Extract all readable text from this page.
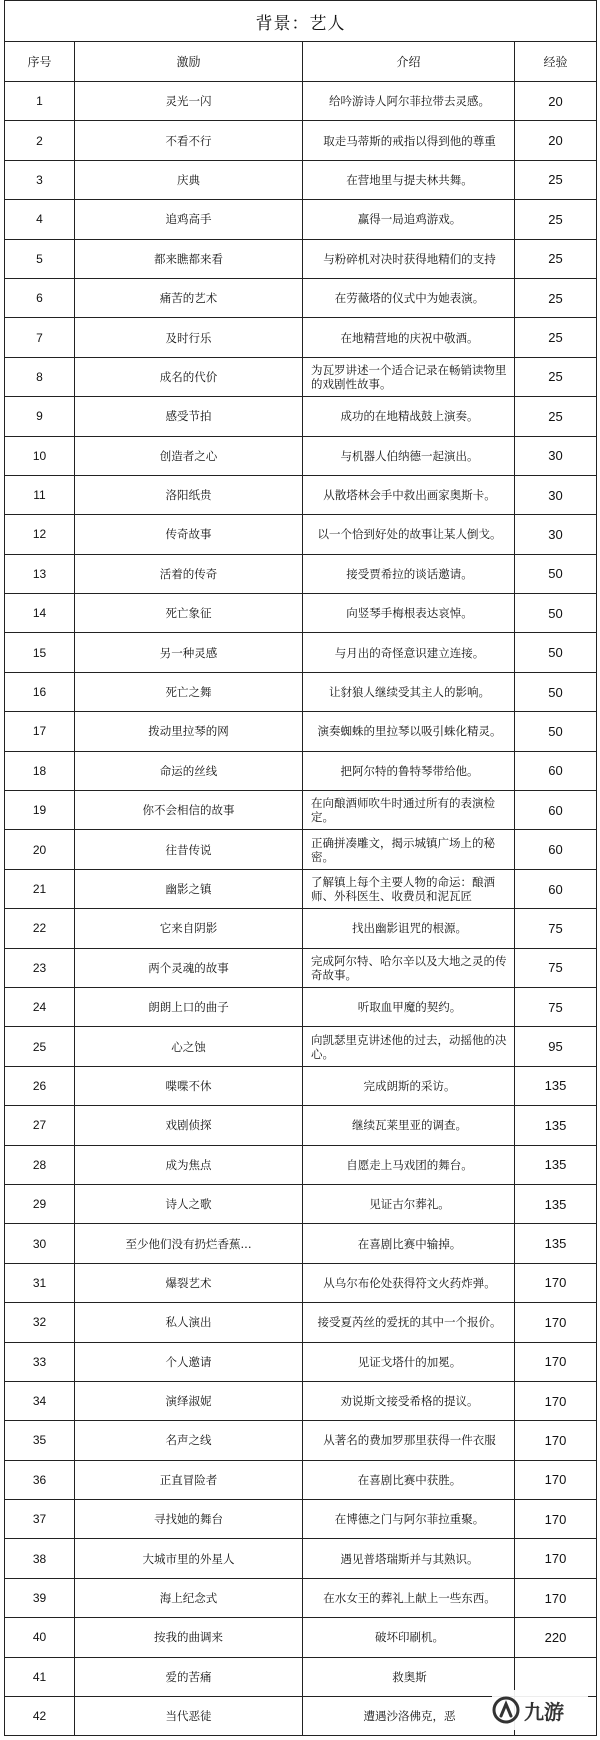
背景：艺人			
序号	激励	介绍	经验
1	灵光一闪	给吟游诗人阿尔菲拉带去灵感。	20
2	不看不行	取走马蒂斯的戒指以得到他的尊重	20
3	庆典	在营地里与提夫林共舞。	25
4	追鸡高手	赢得一局追鸡游戏。	25
5	都来瞧都来看	与粉碎机对决时获得地精们的支持	25
6	痛苦的艺术	在劳薇塔的仪式中为她表演。	25
7	及时行乐	在地精营地的庆祝中敬酒。	25
8	成名的代价	为瓦罗讲述一个适合记录在畅销读物里的戏剧性故事。	25
9	感受节拍	成功的在地精战鼓上演奏。	25
10	创造者之心	与机器人伯纳德一起演出。	30
11	洛阳纸贵	从散塔林会手中救出画家奥斯卡。	30
12	传奇故事	以一个恰到好处的故事让某人倒戈。	30
13	活着的传奇	接受贾希拉的谈话邀请。	50
14	死亡象征	向竖琴手梅根表达哀悼。	50
15	另一种灵感	与月出的奇怪意识建立连接。	50
16	死亡之舞	让豺狼人继续受其主人的影响。	50
17	拨动里拉琴的网	演奏蜘蛛的里拉琴以吸引蛛化精灵。	50
18	命运的丝线	把阿尔特的鲁特琴带给他。	60
19	你不会相信的故事	在向酿酒师吹牛时通过所有的表演检定。	60
20	往昔传说	正确拼凑雕文，揭示城镇广场上的秘密。	60
21	幽影之镇	了解镇上每个主要人物的命运：酿酒师、外科医生、收费员和泥瓦匠	60
22	它来自阴影	找出幽影诅咒的根源。	75
23	两个灵魂的故事	完成阿尔特、哈尔辛以及大地之灵的传奇故事。	75
24	朗朗上口的曲子	听取血甲魔的契约。	75
25	心之蚀	向凯瑟里克讲述他的过去，动摇他的决心。	95
26	喋喋不休	完成朗斯的采访。	135
27	戏剧侦探	继续瓦莱里亚的调查。	135
28	成为焦点	自愿走上马戏团的舞台。	135
29	诗人之歌	见证古尔葬礼。	135
30	至少他们没有扔烂香蕉...	在喜剧比赛中输掉。	135
31	爆裂艺术	从乌尔布伦处获得符文火药炸弹。	170
32	私人演出	接受夏芮丝的爱抚的其中一个报价。	170
33	个人邀请	见证戈塔什的加冕。	170
34	演绎淑妮	劝说斯文接受希格的提议。	170
35	名声之线	从著名的费加罗那里获得一件衣服	170
36	正直冒险者	在喜剧比赛中获胜。	170
37	寻找她的舞台	在博德之门与阿尔菲拉重聚。	170
38	大城市里的外星人	遇见普塔瑞斯并与其熟识。	170
39	海上纪念式	在水女王的葬礼上献上一些东西。	170
40	按我的曲调来	破坏印刷机。	220
41	爱的苦痛	救奥斯	
42	当代恶徒	遭遇沙洛佛克，恶		九游
